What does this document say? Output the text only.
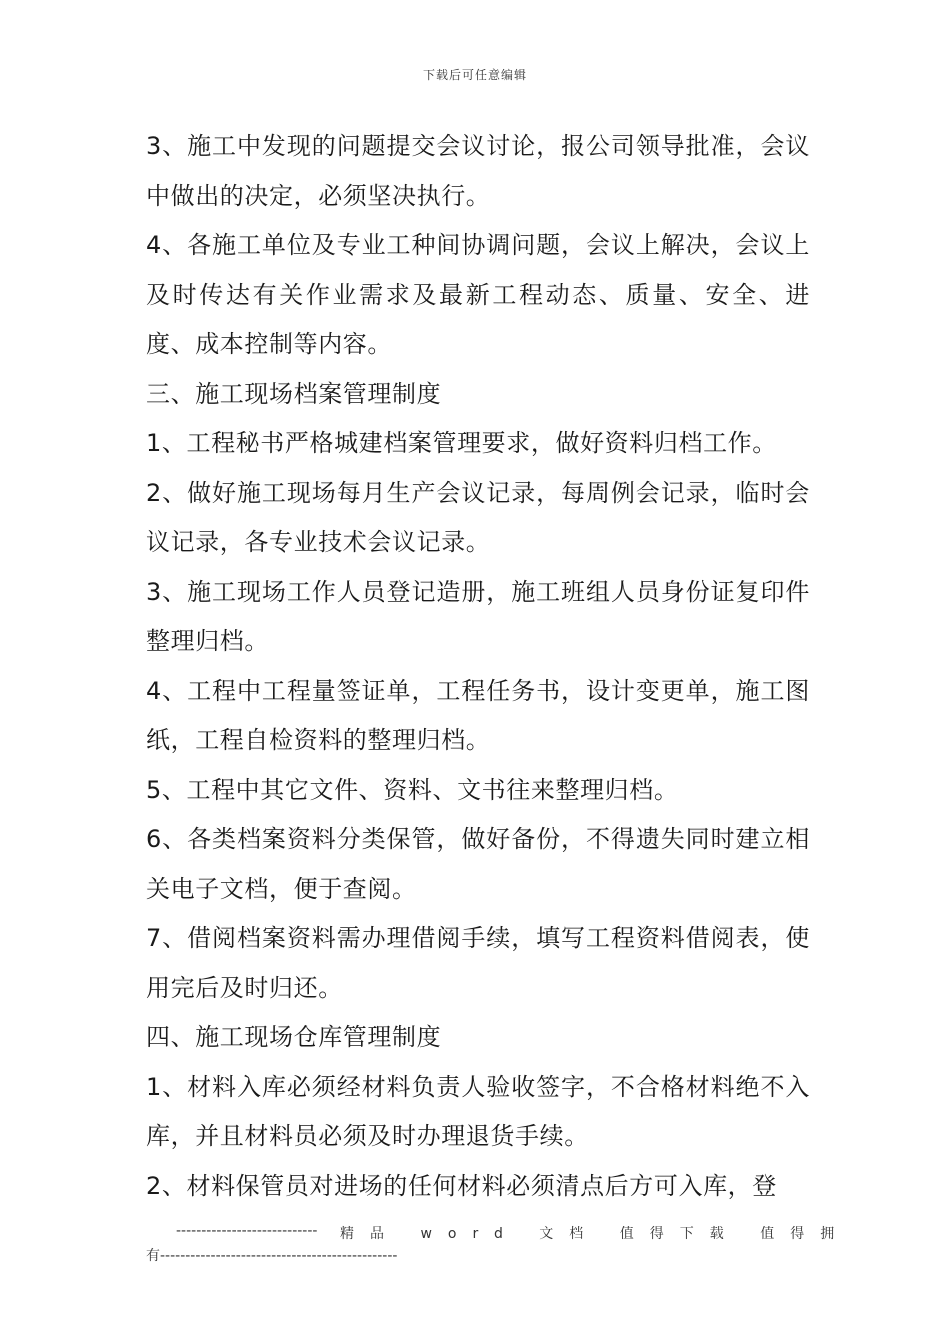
下载后可任意编辑

3、施工中发现的问题提交会议讨论，报公司领导批准，会议中做出的决定，必须坚决执行。

4、各施工单位及专业工种间协调问题，会议上解决，会议上及时传达有关作业需求及最新工程动态、质量、安全、进度、成本控制等内容。

三、施工现场档案管理制度

1、工程秘书严格城建档案管理要求，做好资料归档工作。

2、做好施工现场每月生产会议记录，每周例会记录，临时会议记录，各专业技术会议记录。

3、施工现场工作人员登记造册，施工班组人员身份证复印件整理归档。

4、工程中工程量签证单，工程任务书，设计变更单，施工图纸，工程自检资料的整理归档。

5、工程中其它文件、资料、文书往来整理归档。

6、各类档案资料分类保管，做好备份，不得遗失同时建立相关电子文档，便于查阅。

7、借阅档案资料需办理借阅手续，填写工程资料借阅表，使用完后及时归还。

四、施工现场仓库管理制度

1、材料入库必须经材料负责人验收签字，不合格材料绝不入库，并且材料员必须及时办理退货手续。

2、材料保管员对进场的任何材料必须清点后方可入库，登

---------------------------- 精品 word 文档 值得下载 值得拥
有-----------------------------------------------
